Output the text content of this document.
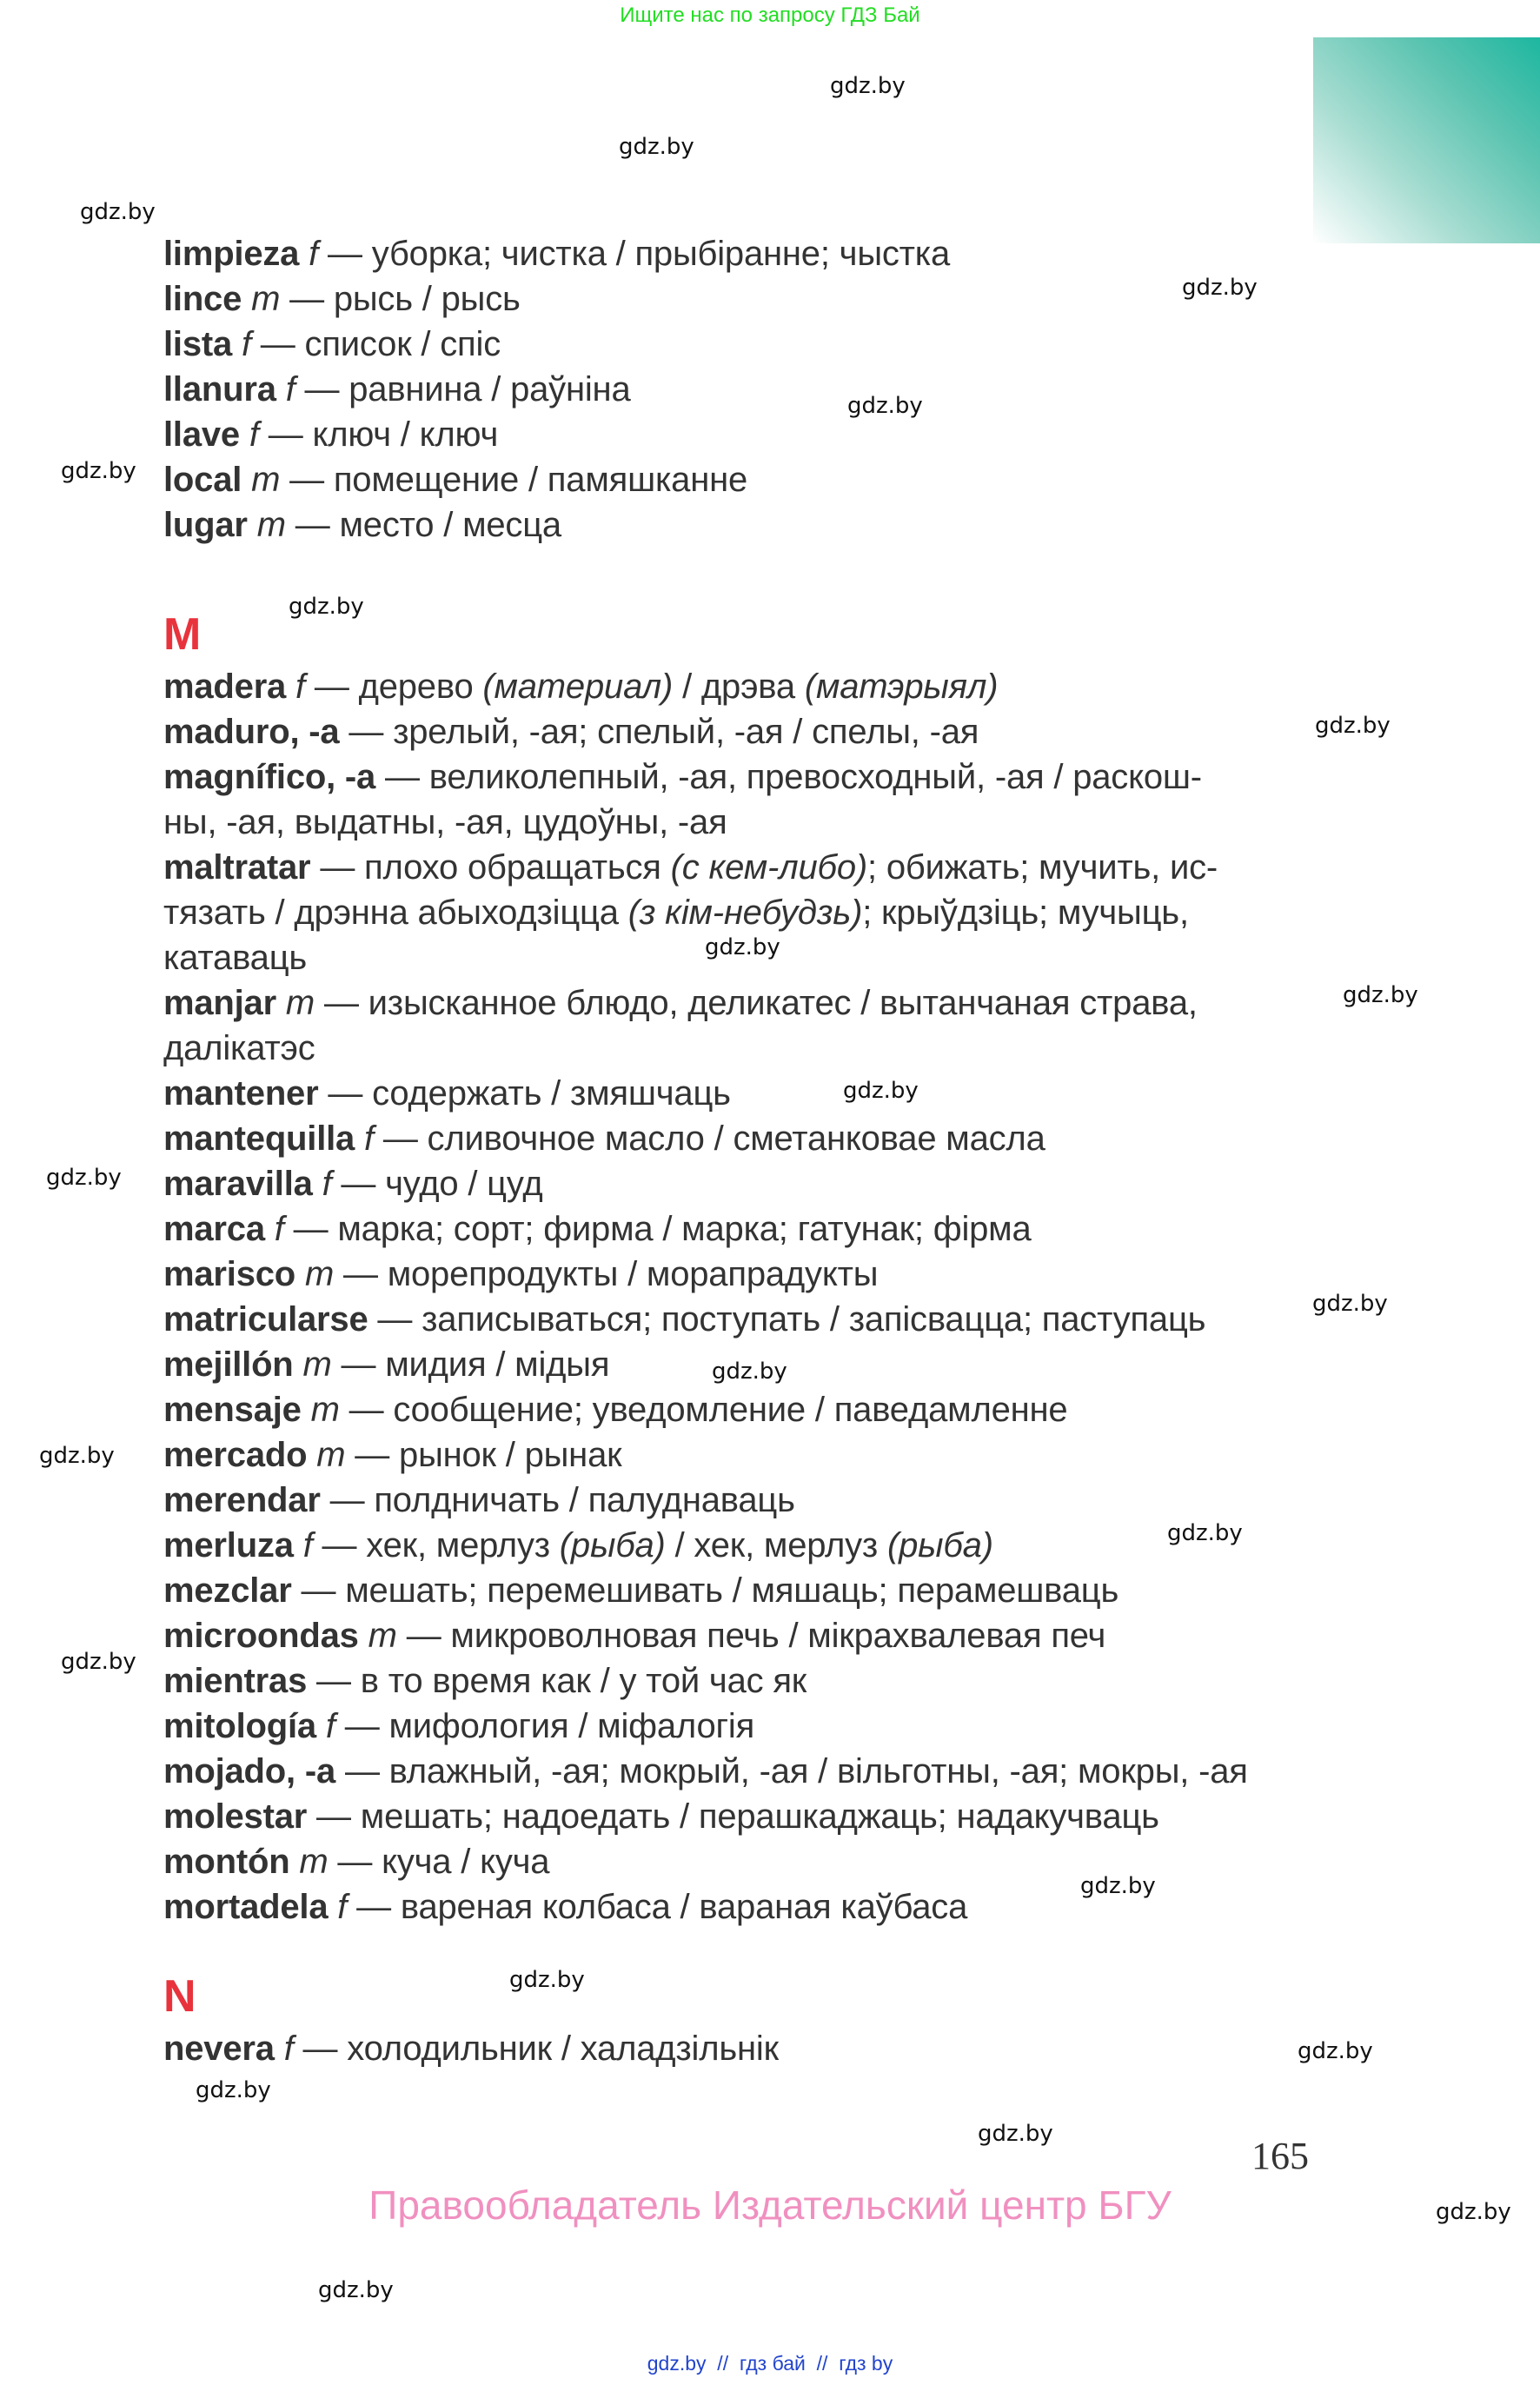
Ищите нас по запросу ГДЗ Бай
gdz.by
gdz.by
gdz.by
gdz.by
gdz.by
gdz.by
gdz.by
gdz.by
gdz.by
gdz.by
gdz.by
gdz.by
gdz.by
gdz.by
gdz.by
gdz.by
gdz.by
gdz.by
gdz.by
gdz.by
gdz.by
gdz.by
gdz.by
gdz.by
limpieza f — уборка; чистка / прыбіранне; чыстка
lince m — рысь / рысь
lista f — список / спіс
llanura f — равнина / раўніна
llave f — ключ / ключ
local m — помещение / памяшканне
lugar m — место / месца
M
madera f — дерево (материал) / дрэва (матэрыял)
maduro, -a — зрелый, -ая; спелый, -ая / спелы, -ая
magnífico, -a — великолепный, -ая, превосходный, -ая / раскош-
ны, -ая, выдатны, -ая, цудоўны, -ая
maltratar — плохо обращаться (с кем-либо); обижать; мучить, ис-
тязать / дрэнна абыходзіцца (з кім-небудзь); крыўдзіць; мучыць,
катаваць
manjar m — изысканное блюдо, деликатес / вытанчаная страва,
далікатэс
mantener — содержать / змяшчаць
mantequilla f — сливочное масло / сметанковае масла
maravilla f — чудо / цуд
marca f — марка; сорт; фирма / марка; гатунак; фірма
marisco m — морепродукты / морапрадукты
matricularse — записываться; поступать / запісвацца; паступаць
mejillón m — мидия / мідыя
mensaje m — сообщение; уведомление / паведамленне
mercado m — рынок / рынак
merendar — полдничать / палуднаваць
merluza f — хек, мерлуз (рыба) / хек, мерлуз (рыба)
mezclar — мешать; перемешивать / мяшаць; перамешваць
microondas m — микроволновая печь / мікрахвалевая печ
mientras — в то время как / у той час як
mitología f — мифология / міфалогія
mojado, -a — влажный, -ая; мокрый, -ая / вільготны, -ая; мокры, -ая
molestar — мешать; надоедать / перашкаджаць; надакучваць
montón m — куча / куча
mortadela f — вареная колбаса / вараная каўбаса
N
nevera f — холодильник / халадзільнік
165
Правообладатель Издательский центр БГУ
gdz.by  //  гдз бай  //  гдз by
